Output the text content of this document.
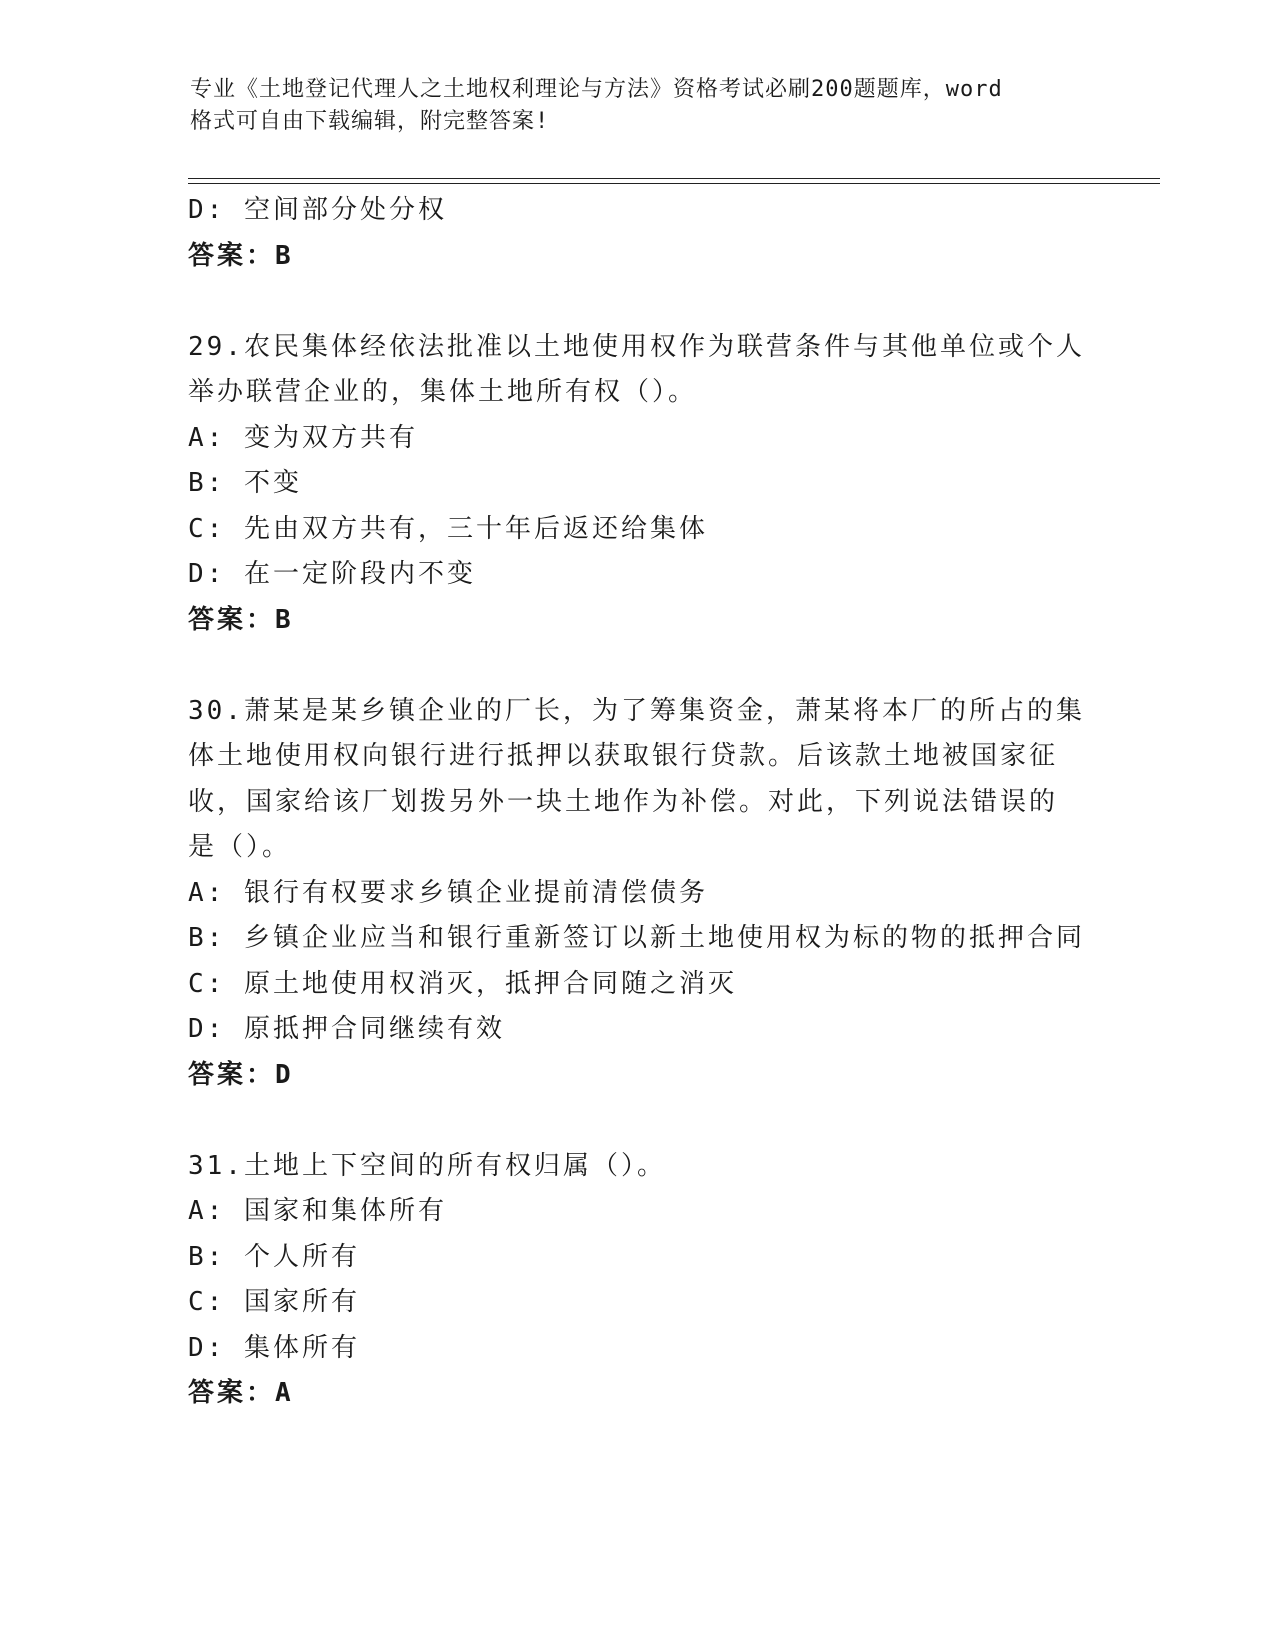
专业《土地登记代理人之土地权利理论与方法》资格考试必刷200题题库，word
格式可自由下载编辑，附完整答案!
D: 空间部分处分权
答案：B
29.农民集体经依法批准以土地使用权作为联营条件与其他单位或个人
举办联营企业的，集体土地所有权（）。
A: 变为双方共有
B: 不变
C: 先由双方共有，三十年后返还给集体
D: 在一定阶段内不变
答案：B
30.萧某是某乡镇企业的厂长，为了筹集资金，萧某将本厂的所占的集
体土地使用权向银行进行抵押以获取银行贷款。后该款土地被国家征
收，国家给该厂划拨另外一块土地作为补偿。对此，下列说法错误的
是（）。
A: 银行有权要求乡镇企业提前清偿债务
B: 乡镇企业应当和银行重新签订以新土地使用权为标的物的抵押合同
C: 原土地使用权消灭，抵押合同随之消灭
D: 原抵押合同继续有效
答案：D
31.土地上下空间的所有权归属（）。
A: 国家和集体所有
B: 个人所有
C: 国家所有
D: 集体所有
答案：A
